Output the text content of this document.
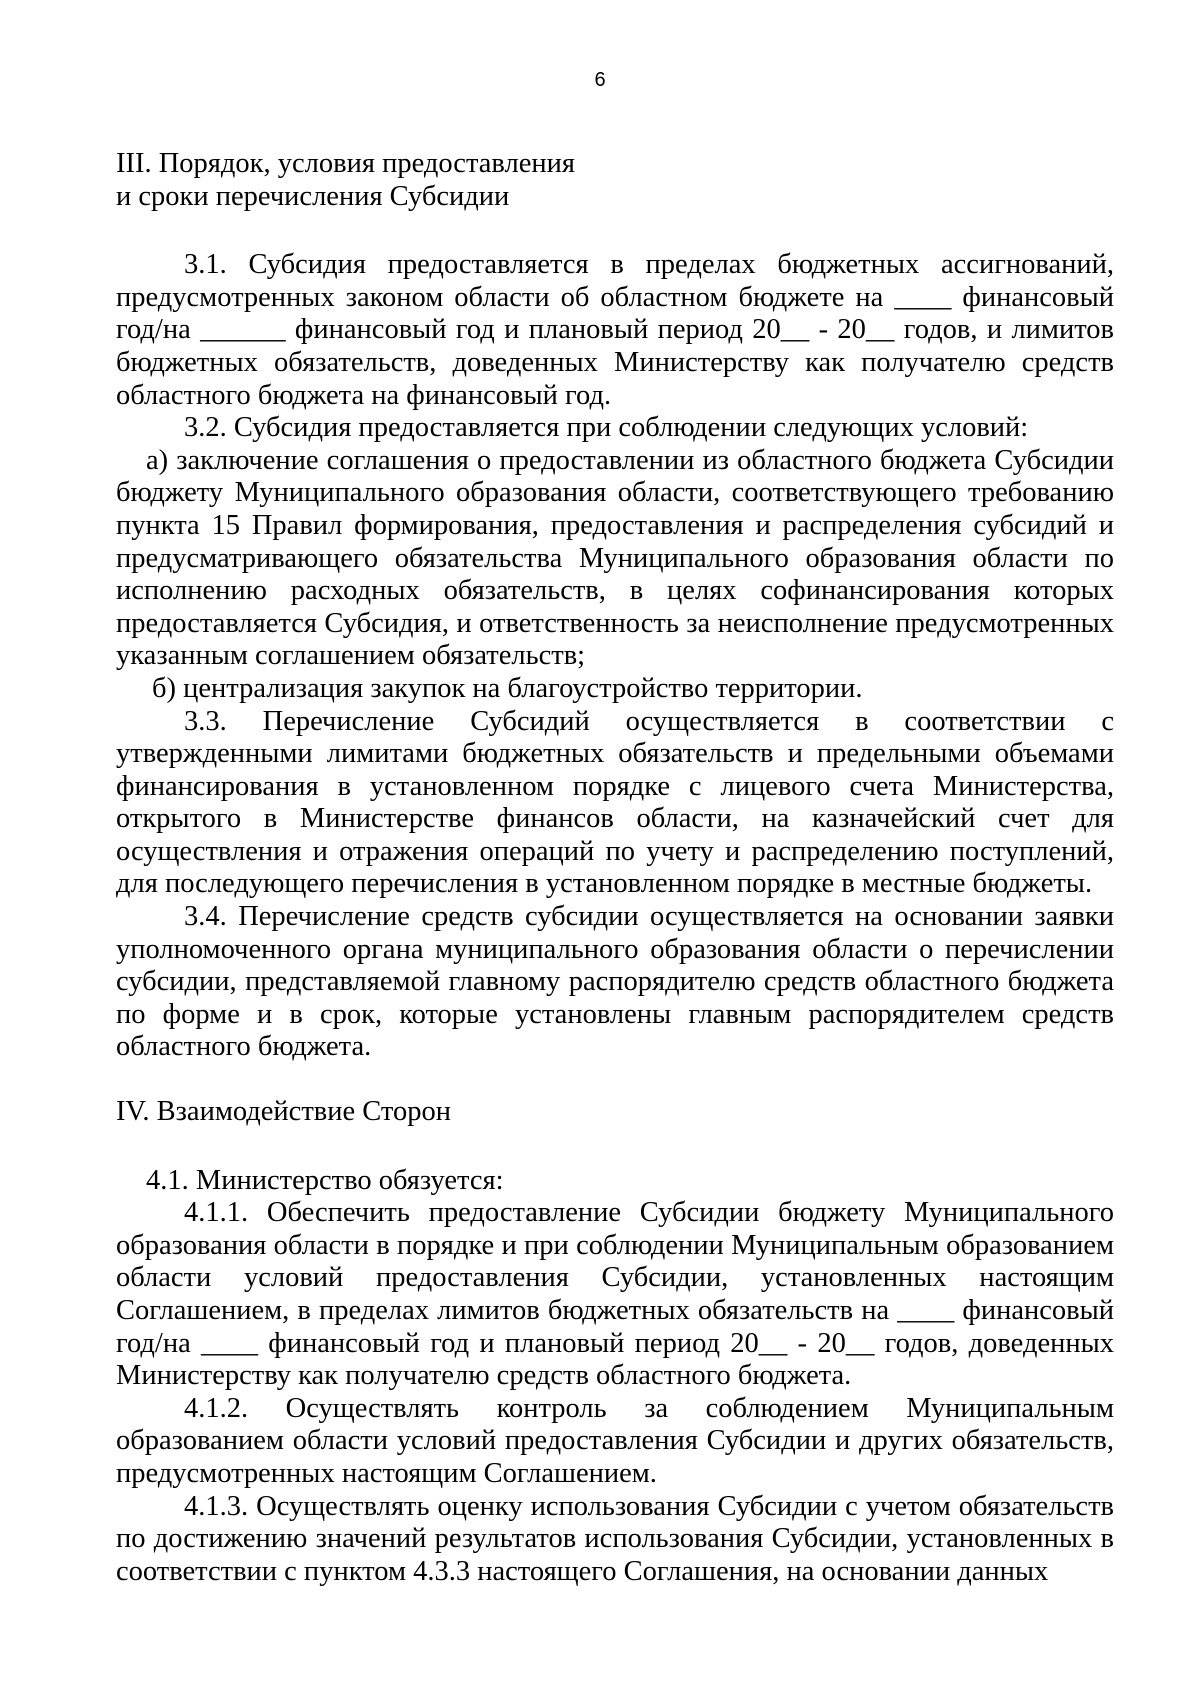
6

III. Порядок, условия предоставления

и сроки перечисления Субсидии

3.1. Субсидия предоставляется в пределах бюджетных ассигнований, предусмотренных законом области об областном бюджете на ____ финансовый год/на ______ финансовый год и плановый период 20__ - 20__ годов, и лимитов бюджетных обязательств, доведенных Министерству как получателю средств областного бюджета на финансовый год.

3.2. Субсидия предоставляется при соблюдении следующих условий:

а) заключение соглашения о предоставлении из областного бюджета Субсидии бюджету Муниципального образования области, соответствующего требованию пункта 15 Правил формирования, предоставления и распределения субсидий и предусматривающего обязательства Муниципального образования области по исполнению расходных обязательств, в целях софинансирования которых предоставляется Субсидия, и ответственность за неисполнение предусмотренных указанным соглашением обязательств;

б) централизация закупок на благоустройство территории.

3.3. Перечисление Субсидий осуществляется в соответствии с утвержденными лимитами бюджетных обязательств и предельными объемами финансирования в установленном порядке с лицевого счета Министерства, открытого в Министерстве финансов области, на казначейский счет для осуществления и отражения операций по учету и распределению поступлений, для последующего перечисления в установленном порядке в местные бюджеты.

3.4. Перечисление средств субсидии осуществляется на основании заявки уполномоченного органа муниципального образования области о перечислении субсидии, представляемой главному распорядителю средств областного бюджета по форме и в срок, которые установлены главным распорядителем средств областного бюджета.

IV. Взаимодействие Сторон

4.1. Министерство обязуется:

4.1.1. Обеспечить предоставление Субсидии бюджету Муниципального образования области в порядке и при соблюдении Муниципальным образованием области условий предоставления Субсидии, установленных настоящим Соглашением, в пределах лимитов бюджетных обязательств на ____ финансовый год/на ____ финансовый год и плановый период 20__ - 20__ годов, доведенных Министерству как получателю средств областного бюджета.

4.1.2. Осуществлять контроль за соблюдением Муниципальным образованием области условий предоставления Субсидии и других обязательств, предусмотренных настоящим Соглашением.

4.1.3. Осуществлять оценку использования Субсидии с учетом обязательств по достижению значений результатов использования Субсидии, установленных в соответствии с пунктом 4.3.3 настоящего Соглашения, на основании данных
